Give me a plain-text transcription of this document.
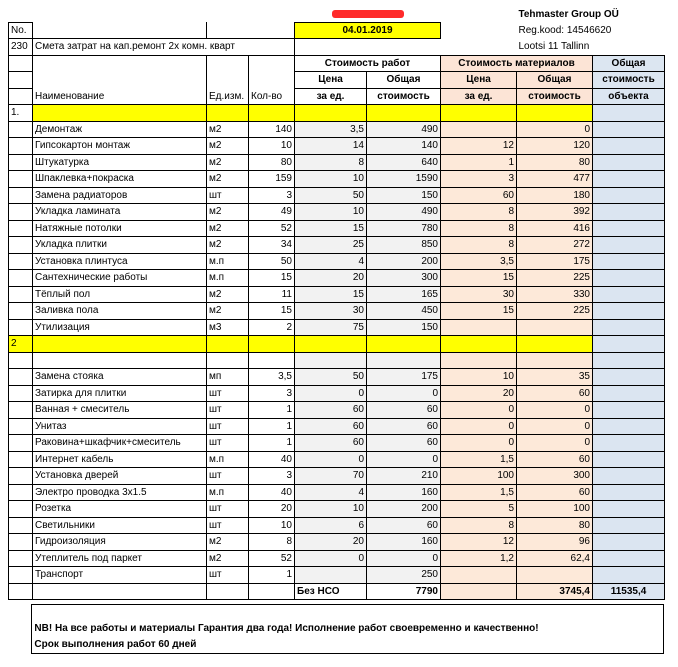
							Tehmaster Group OÜ	
No.				04.01.2019			Reg.kood: 14546620	
230	Смета затрат на кап.ремонт 2х комн. кварт						Lootsi 11 Tallinn	
				Стоимость работ		Стоимость материалов		Общая
				Цена	Общая	Цена	Общая	стоимость
	Наименование	Ед.изм.	Кол-во	за ед.	стоимость	за ед.	стоимость	объекта
1.								
	Демонтаж	м2	140	3,5	490		0	
	Гипсокартон монтаж	м2	10	14	140	12	120	
	Штукатурка	м2	80	8	640	1	80	
	Шпаклевка+покраска	м2	159	10	1590	3	477	
	Замена радиаторов	шт	3	50	150	60	180	
	Укладка ламината	м2	49	10	490	8	392	
	Натяжные потолки	м2	52	15	780	8	416	
	Укладка плитки	м2	34	25	850	8	272	
	Установка плинтуса	м.п	50	4	200	3,5	175	
	Сантехнические работы	м.п	15	20	300	15	225	
	Тёплый пол	м2	11	15	165	30	330	
	Заливка пола	м2	15	30	450	15	225	
	Утилизация	м3	2	75	150			
2								

	Замена стояка	мп	3,5	50	175	10	35	
	Затирка для плитки	шт	3	0	0	20	60	
	Ванная + смеситель	шт	1	60	60	0	0	
	Унитаз	шт	1	60	60	0	0	
	Раковина+шкафчик+смеситель	шт	1	60	60	0	0	
	Интернет кабель	м.п	40	0	0	1,5	60	
	Установка дверей	шт	3	70	210	100	300	
	Электро проводка 3х1.5	м.п	40	4	160	1,5	60	
	Розетка	шт	20	10	200	5	100	
	Светильники	шт	10	6	60	8	80	
	Гидроизоляция	м2	8	20	160	12	96	
	Утеплитель под паркет	м2	52	0	0	1,2	62,4	
	Транспорт	шт	1		250			
				Без НСО	7790		3745,4	11535,4

	NB! На все работы и материалы Гарантия два года! Исполнение работ своевременно и качественно!
	Срок выполнения работ 60 дней
